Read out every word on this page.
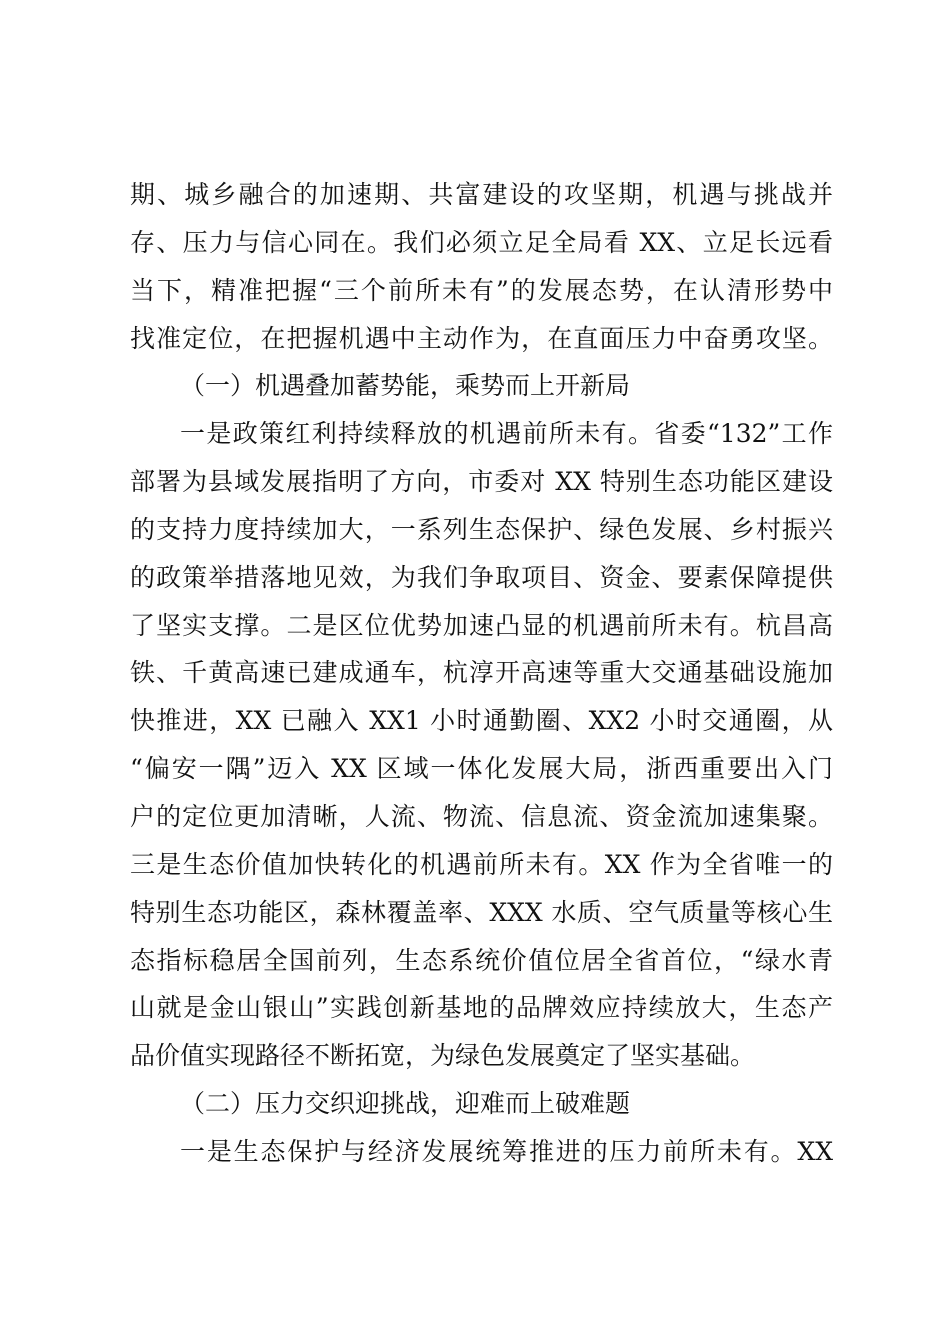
期、城乡融合的加速期、共富建设的攻坚期，机遇与挑战并
存、压力与信心同在。我们必须立足全局看 XX、立足长远看
当下，精准把握“三个前所未有”的发展态势，在认清形势中
找准定位，在把握机遇中主动作为，在直面压力中奋勇攻坚。
（一）机遇叠加蓄势能，乘势而上开新局
一是政策红利持续释放的机遇前所未有。省委“132”工作
部署为县域发展指明了方向，市委对 XX 特别生态功能区建设
的支持力度持续加大，一系列生态保护、绿色发展、乡村振兴
的政策举措落地见效，为我们争取项目、资金、要素保障提供
了坚实支撑。二是区位优势加速凸显的机遇前所未有。杭昌高
铁、千黄高速已建成通车，杭淳开高速等重大交通基础设施加
快推进，XX 已融入 XX1 小时通勤圈、XX2 小时交通圈，从
“偏安一隅”迈入 XX 区域一体化发展大局，浙西重要出入门
户的定位更加清晰，人流、物流、信息流、资金流加速集聚。
三是生态价值加快转化的机遇前所未有。XX 作为全省唯一的
特别生态功能区，森林覆盖率、XXX 水质、空气质量等核心生
态指标稳居全国前列，生态系统价值位居全省首位，“绿水青
山就是金山银山”实践创新基地的品牌效应持续放大，生态产
品价值实现路径不断拓宽，为绿色发展奠定了坚实基础。
（二）压力交织迎挑战，迎难而上破难题
一是生态保护与经济发展统筹推进的压力前所未有。XX
